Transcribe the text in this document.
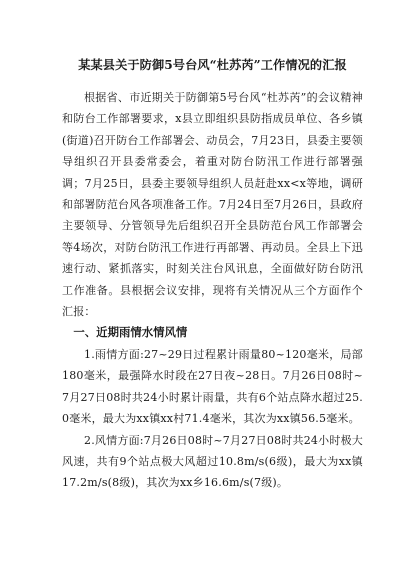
某某县关于防御5号台风“杜苏芮”工作情况的汇报

根据省、市近期关于防御第5号台风“杜苏芮”的会议精神和防台工作部署要求，x县立即组织县防指成员单位、各乡镇(街道)召开防台工作部署会、动员会，7月23日，县委主要领导组织召开县委常委会，着重对防台防汛工作进行部署强调；7月25日，县委主要领导组织人员赶赴xx<x等地，调研和部署防范台风各项准备工作。7月24日至7月26日，县政府主要领导、分管领导先后组织召开全县防范台风工作部署会等4场次，对防台防汛工作进行再部署、再动员。全县上下迅速行动、紧抓落实，时刻关注台风讯息，全面做好防台防汛工作准备。县根据会议安排，现将有关情况从三个方面作个汇报：

一、近期雨情水情风情

1.雨情方面:27~29日过程累计雨量80~120毫米，局部180毫米，最强降水时段在27日夜~28日。7月26日08时~7月27日08时共24小时累计雨量，共有6个站点降水超过25.0毫米，最大为xx镇xx村71.4毫米，其次为xx镇56.5毫米。

2.风情方面:7月26日08时~7月27日08时共24小时极大风速，共有9个站点极大风超过10.8m/s(6级)，最大为xx镇17.2m/s(8级)，其次为xx乡16.6m/s(7级)。
